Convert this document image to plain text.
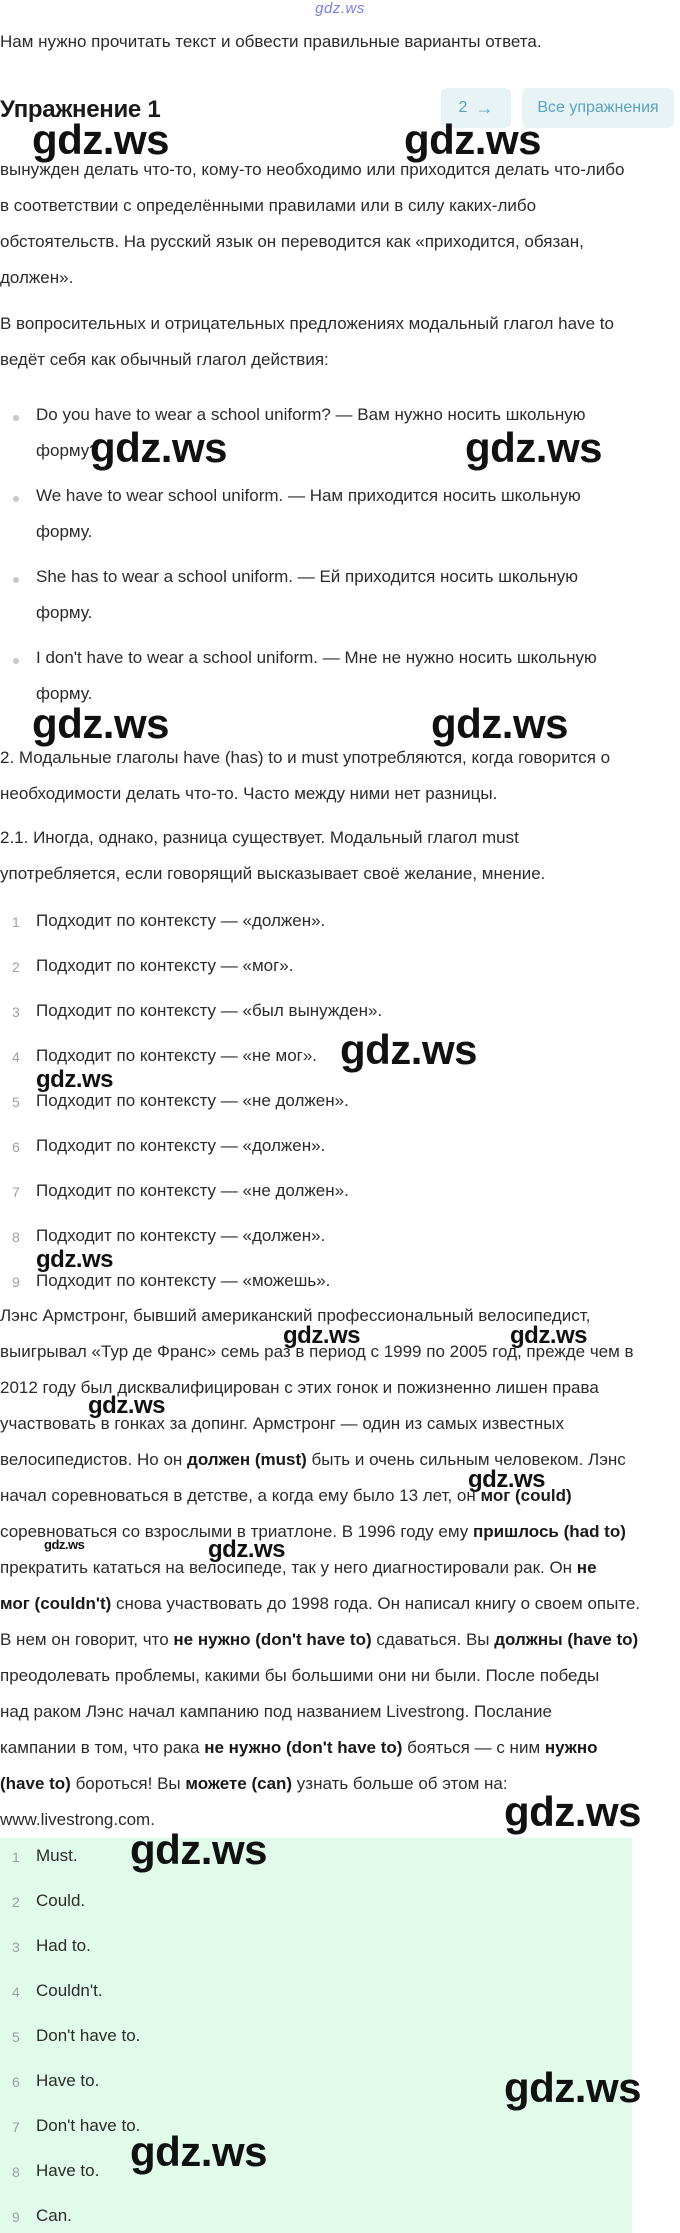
gdz.ws
Нам нужно прочитать текст и обвести правильные варианты ответа.
Упражнение 1	2 →	Все упражнения
вынужден делать что-то, кому-то необходимо или приходится делать что-либо
в соответствии с определёнными правилами или в силу каких-либо
обстоятельств. На русский язык он переводится как «приходится, обязан,
должен».
В вопросительных и отрицательных предложениях модальный глагол have to
ведёт себя как обычный глагол действия:
Do you have to wear a school uniform? — Вам нужно носить школьную
форму?
We have to wear school uniform. — Нам приходится носить школьную
форму.
She has to wear a school uniform. — Ей приходится носить школьную
форму.
I don't have to wear a school uniform. — Мне не нужно носить школьную
форму.
2. Модальные глаголы have (has) to и must употребляются, когда говорится о
необходимости делать что-то. Часто между ними нет разницы.
2.1. Иногда, однако, разница существует. Модальный глагол must
употребляется, если говорящий высказывает своё желание, мнение.
1 Подходит по контексту — «должен».
2 Подходит по контексту — «мог».
3 Подходит по контексту — «был вынужден».
4 Подходит по контексту — «не мог».
5 Подходит по контексту — «не должен».
6 Подходит по контексту — «должен».
7 Подходит по контексту — «не должен».
8 Подходит по контексту — «должен».
9 Подходит по контексту — «можешь».
Лэнс Армстронг, бывший американский профессиональный велосипедист,
выигрывал «Тур де Франс» семь раз в период с 1999 по 2005 год, прежде чем в
2012 году был дисквалифицирован с этих гонок и пожизненно лишен права
участвовать в гонках за допинг. Армстронг — один из самых известных
велосипедистов. Но он должен (must) быть и очень сильным человеком. Лэнс
начал соревноваться в детстве, а когда ему было 13 лет, он мог (could)
соревноваться со взрослыми в триатлоне. В 1996 году ему пришлось (had to)
прекратить кататься на велосипеде, так у него диагностировали рак. Он не
мог (couldn't) снова участвовать до 1998 года. Он написал книгу о своем опыте.
В нем он говорит, что не нужно (don't have to) сдаваться. Вы должны (have to)
преодолевать проблемы, какими бы большими они ни были. После победы
над раком Лэнс начал кампанию под названием Livestrong. Послание
кампании в том, что рака не нужно (don't have to) бояться — с ним нужно
(have to) бороться! Вы можете (can) узнать больше об этом на:
www.livestrong.com.
1 Must.
2 Could.
3 Had to.
4 Couldn't.
5 Don't have to.
6 Have to.
7 Don't have to.
8 Have to.
9 Can.
gdz.ws	gdz.ws
gdz.ws	gdz.ws
gdz.ws	gdz.ws
gdz.ws
gdz.ws
gdz.ws
gdz.ws	gdz.ws
gdz.ws
gdz.ws
gdz.ws	gdz.ws
gdz.ws
gdz.ws
gdz.ws
gdz.ws
